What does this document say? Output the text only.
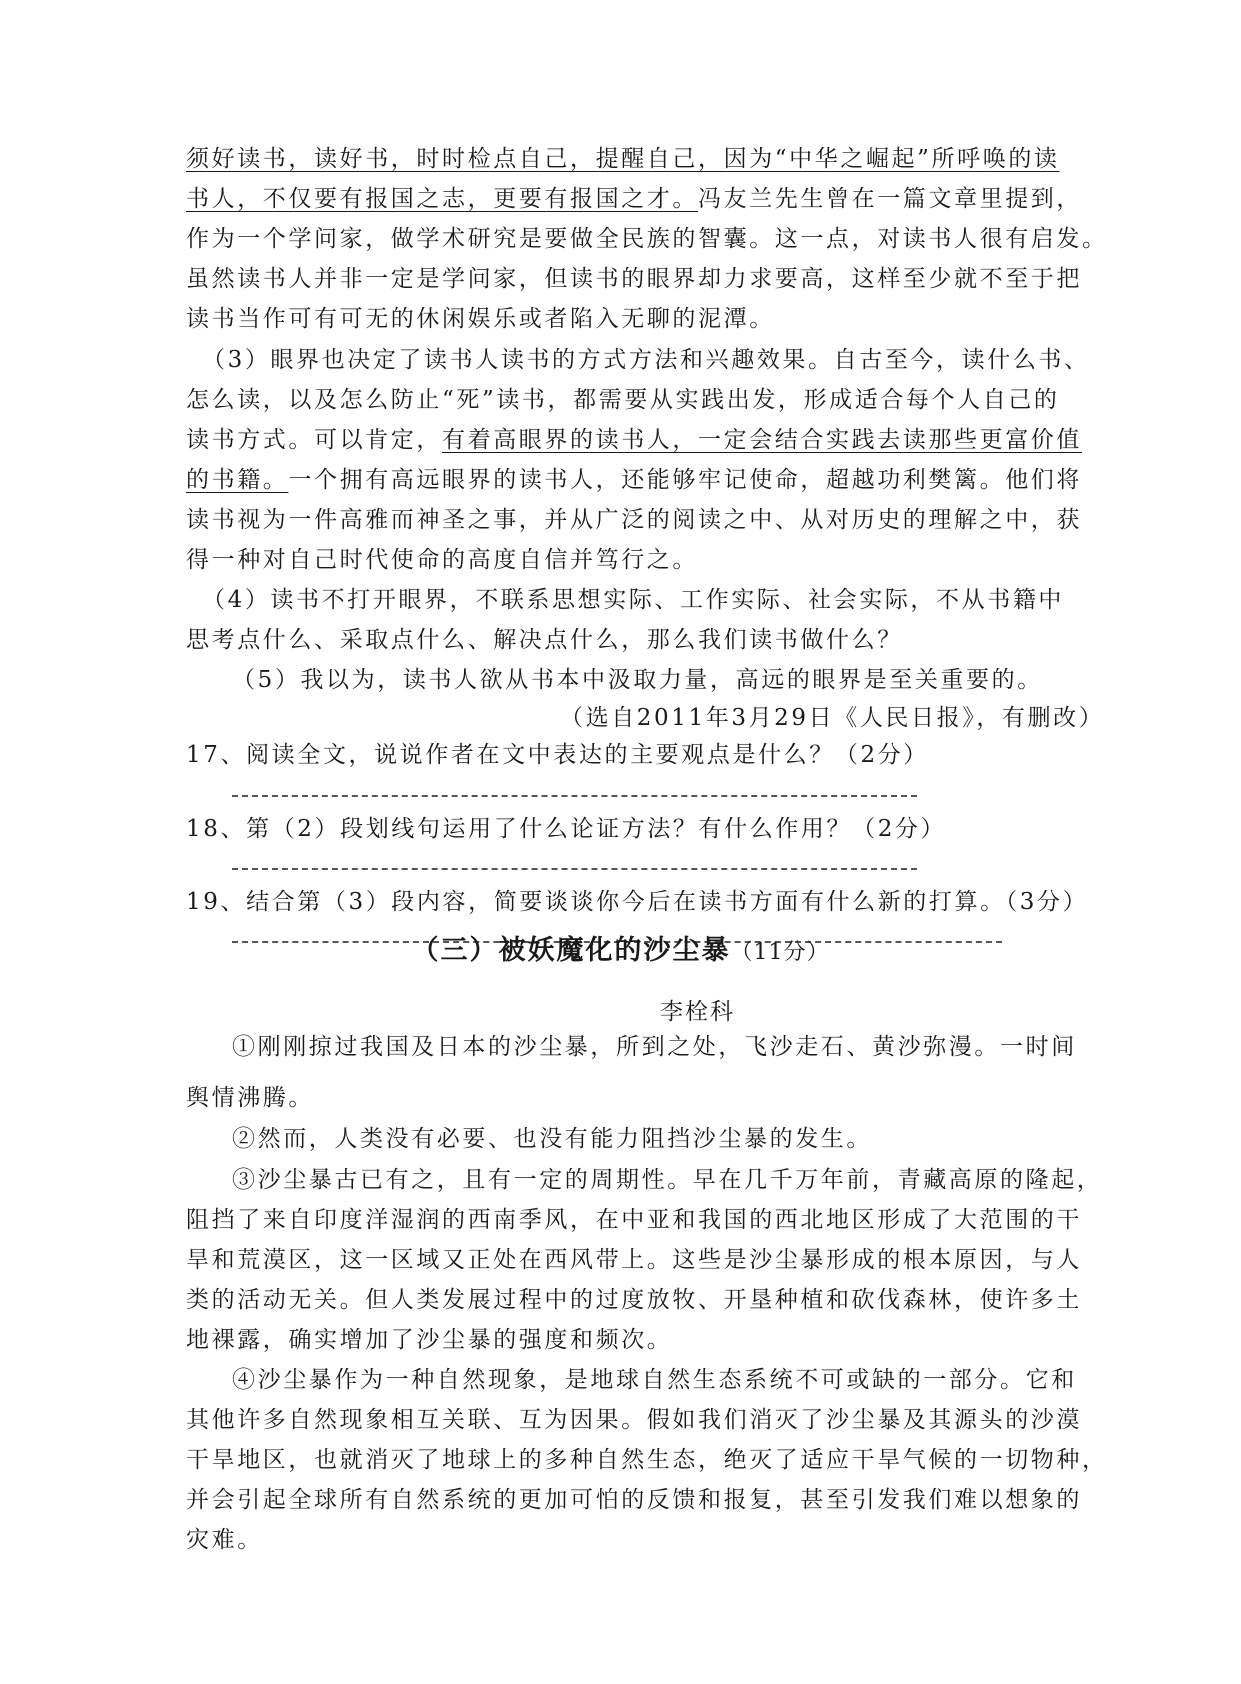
须好读书，读好书，时时检点自己，提醒自己，因为“中华之崛起”所呼唤的读
书人，不仅要有报国之志，更要有报国之才。冯友兰先生曾在一篇文章里提到，
作为一个学问家，做学术研究是要做全民族的智囊。这一点，对读书人很有启发。
虽然读书人并非一定是学问家，但读书的眼界却力求要高，这样至少就不至于把
读书当作可有可无的休闲娱乐或者陷入无聊的泥潭。
（3）眼界也决定了读书人读书的方式方法和兴趣效果。自古至今，读什么书、
怎么读，以及怎么防止“死”读书，都需要从实践出发，形成适合每个人自己的
读书方式。可以肯定，有着高眼界的读书人，一定会结合实践去读那些更富价值
的书籍。一个拥有高远眼界的读书人，还能够牢记使命，超越功利樊篱。他们将
读书视为一件高雅而神圣之事，并从广泛的阅读之中、从对历史的理解之中，获
得一种对自己时代使命的高度自信并笃行之。
（4）读书不打开眼界，不联系思想实际、工作实际、社会实际，不从书籍中
思考点什么、采取点什么、解决点什么，那么我们读书做什么？
（5）我以为，读书人欲从书本中汲取力量，高远的眼界是至关重要的。
（选自2011年3月29日《人民日报》，有删改）
17、阅读全文，说说作者在文中表达的主要观点是什么？（2分）
18、第（2）段划线句运用了什么论证方法？有什么作用？（2分）
19、结合第（3）段内容，简要谈谈你今后在读书方面有什么新的打算。（3分）
（三）被妖魔化的沙尘暴（11分）
李栓科
①刚刚掠过我国及日本的沙尘暴，所到之处，飞沙走石、黄沙弥漫。一时间
舆情沸腾。
②然而，人类没有必要、也没有能力阻挡沙尘暴的发生。
③沙尘暴古已有之，且有一定的周期性。早在几千万年前，青藏高原的隆起，
阻挡了来自印度洋湿润的西南季风，在中亚和我国的西北地区形成了大范围的干
旱和荒漠区，这一区域又正处在西风带上。这些是沙尘暴形成的根本原因，与人
类的活动无关。但人类发展过程中的过度放牧、开垦种植和砍伐森林，使许多土
地裸露，确实增加了沙尘暴的强度和频次。
④沙尘暴作为一种自然现象，是地球自然生态系统不可或缺的一部分。它和
其他许多自然现象相互关联、互为因果。假如我们消灭了沙尘暴及其源头的沙漠
干旱地区，也就消灭了地球上的多种自然生态，绝灭了适应干旱气候的一切物种，
并会引起全球所有自然系统的更加可怕的反馈和报复，甚至引发我们难以想象的
灾难。
